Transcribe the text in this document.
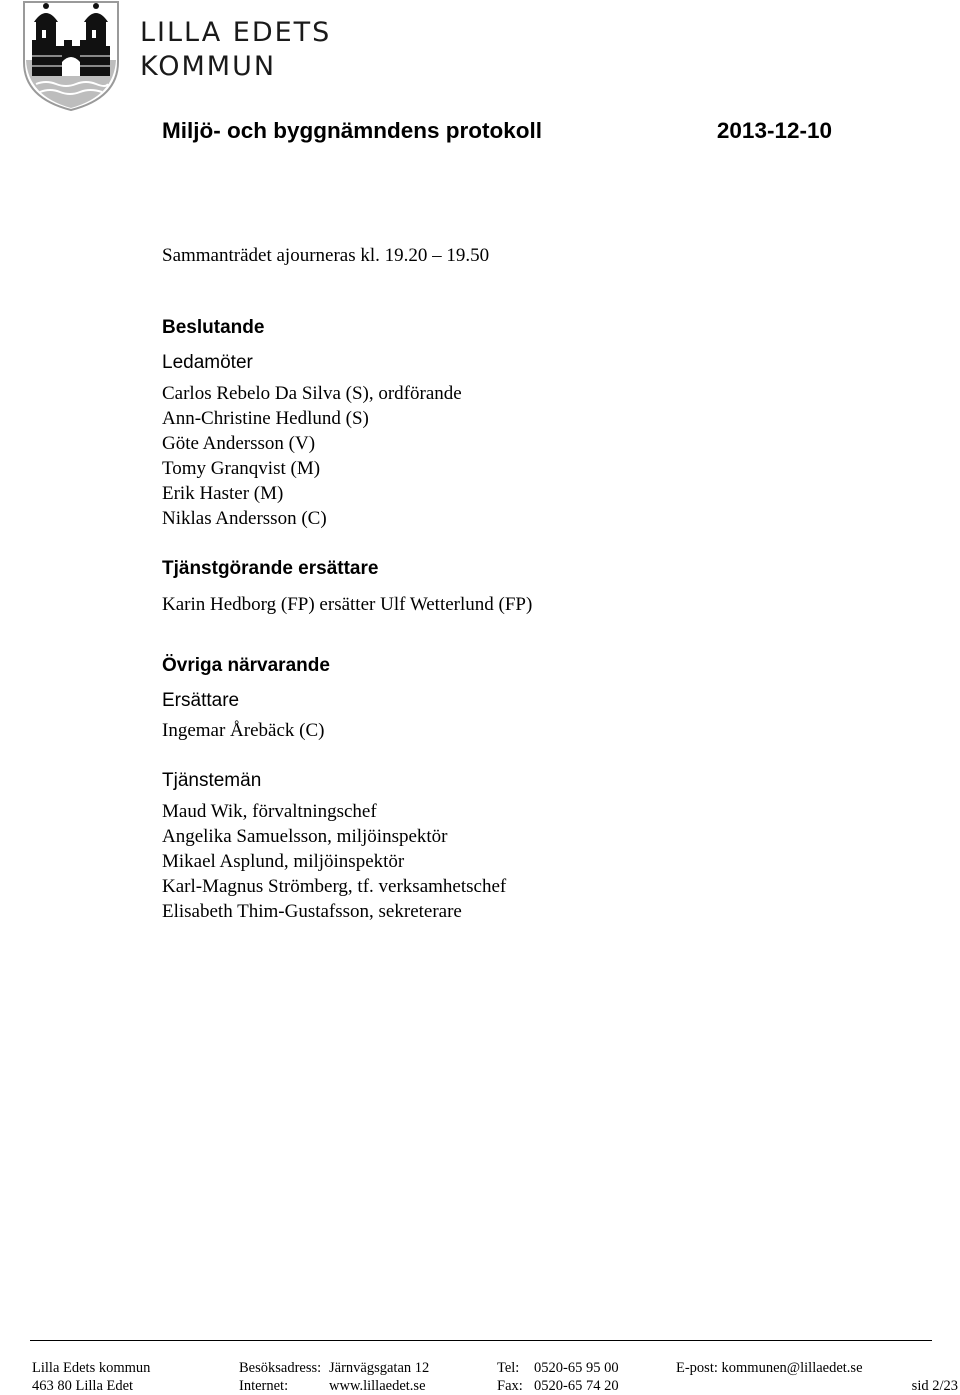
LILLA EDETS
KOMMUN
Miljö- och byggnämndens protokoll	2013-12-10
Sammanträdet ajourneras kl. 19.20 – 19.50
Beslutande
Ledamöter
Carlos Rebelo Da Silva (S), ordförande
Ann-Christine Hedlund (S)
Göte Andersson (V)
Tomy Granqvist (M)
Erik Haster (M)
Niklas Andersson (C)
Tjänstgörande ersättare
Karin Hedborg (FP) ersätter Ulf Wetterlund (FP)
Övriga närvarande
Ersättare
Ingemar Årebäck (C)
Tjänstemän
Maud Wik, förvaltningschef
Angelika Samuelsson, miljöinspektör
Mikael Asplund, miljöinspektör
Karl-Magnus Strömberg, tf. verksamhetschef
Elisabeth Thim-Gustafsson, sekreterare
Lilla Edets kommun
463 80 Lilla Edet
Besöksadress: Järnvägsgatan 12
Internet:	www.lillaedet.se
Tel: 0520-65 95 00
Fax: 0520-65 74 20
E-post: kommunen@lillaedet.se
sid 2/23
